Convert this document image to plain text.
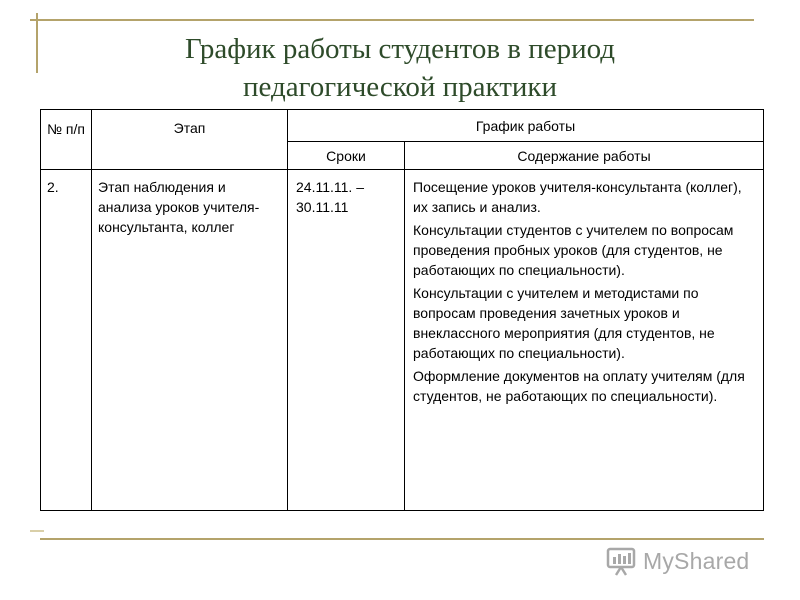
График работы студентов в период
педагогической практики
№ п/п	Этап	График работы	
		Сроки	Содержание работы
2.	Этап наблюдения и анализа уроков учителя-консультанта, коллег	24.11.11. – 30.11.11	Посещение уроков учителя-консультанта (коллег), их запись и анализ.

Консультации студентов с учителем по вопросам проведения пробных уроков (для студентов, не работающих по специальности).

Консультации с учителем и методистами по вопросам проведения зачетных уроков и внеклассного мероприятия (для студентов, не работающих по специальности).

Оформление документов на оплату учителям (для студентов, не работающих по специальности).

MyShared
